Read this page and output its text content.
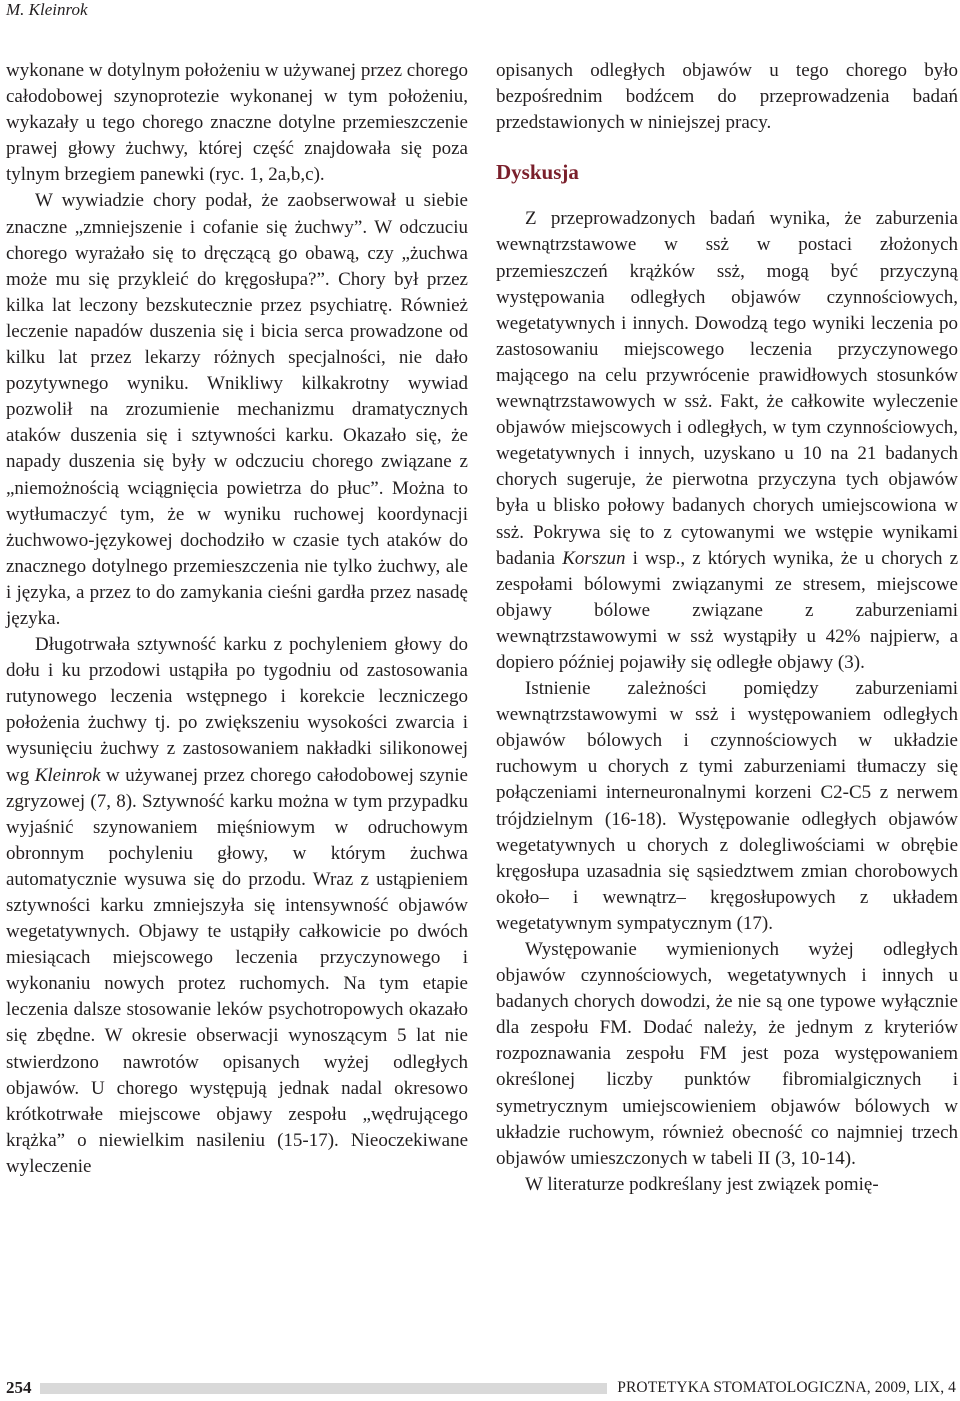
M. Kleinrok

wykonane w dotylnym położeniu w używanej przez chorego całodobowej szynoprotezie wykonanej w tym położeniu, wykazały u tego chorego znaczne dotylne przemieszczenie prawej głowy żuchwy, której część znajdowała się poza tylnym brzegiem panewki (ryc. 1, 2a,b,c).

W wywiadzie chory podał, że zaobserwował u siebie znaczne „zmniejszenie i cofanie się żuchwy”. W odczuciu chorego wyrażało się to dręczącą go obawą, czy „żuchwa może mu się przykleić do kręgosłupa?”. Chory był przez kilka lat leczony bezskutecznie przez psychiatrę. Również leczenie napadów duszenia się i bicia serca prowadzone od kilku lat przez lekarzy różnych specjalności, nie dało pozytywnego wyniku. Wnikliwy kilkakrotny wywiad pozwolił na zrozumienie mechanizmu dramatycznych ataków duszenia się i sztywności karku. Okazało się, że napady duszenia się były w odczuciu chorego związane z „niemożnością wciągnięcia powietrza do płuc”. Można to wytłumaczyć tym, że w wyniku ruchowej koordynacji żuchwowo-językowej dochodziło w czasie tych ataków do znacznego dotylnego przemieszczenia nie tylko żuchwy, ale i języka, a przez to do zamykania cieśni gardła przez nasadę języka.

Długotrwała sztywność karku z pochyleniem głowy do dołu i ku przodowi ustąpiła po tygodniu od zastosowania rutynowego leczenia wstępnego i korekcie leczniczego położenia żuchwy tj. po zwiększeniu wysokości zwarcia i wysunięciu żuchwy z zastosowaniem nakładki silikonowej wg Kleinrok w używanej przez chorego całodobowej szynie zgryzowej (7, 8). Sztywność karku można w tym przypadku wyjaśnić szynowaniem mięśniowym w odruchowym obronnym pochyleniu głowy, w którym żuchwa automatycznie wysuwa się do przodu. Wraz z ustąpieniem sztywności karku zmniejszyła się intensywność objawów wegetatywnych. Objawy te ustąpiły całkowicie po dwóch miesiącach miejscowego leczenia przyczynowego i wykonaniu nowych protez ruchomych. Na tym etapie leczenia dalsze stosowanie leków psychotropowych okazało się zbędne. W okresie obserwacji wynoszącym 5 lat nie stwierdzono nawrotów opisanych wyżej odległych objawów. U chorego występują jednak nadal okresowo krótkotrwałe miejscowe objawy zespołu „wędrującego krążka” o niewielkim nasileniu (15-17). Nieoczekiwane wyleczenie

opisanych odległych objawów u tego chorego było bezpośrednim bodźcem do przeprowadzenia badań przedstawionych w niniejszej pracy.

Dyskusja

Z przeprowadzonych badań wynika, że zaburzenia wewnątrzstawowe w ssż w postaci złożonych przemieszczeń krążków ssż, mogą być przyczyną występowania odległych objawów czynnościowych, wegetatywnych i innych. Dowodzą tego wyniki leczenia po zastosowaniu miejscowego leczenia przyczynowego mającego na celu przywrócenie prawidłowych stosunków wewnątrzstawowych w ssż. Fakt, że całkowite wyleczenie objawów miejscowych i odległych, w tym czynnościowych, wegetatywnych i innych, uzyskano u 10 na 21 badanych chorych sugeruje, że pierwotna przyczyna tych objawów była u blisko połowy badanych chorych umiejscowiona w ssż. Pokrywa się to z cytowanymi we wstępie wynikami badania Korszun i wsp., z których wynika, że u chorych z zespołami bólowymi związanymi ze stresem, miejscowe objawy bólowe związane z zaburzeniami wewnątrzstawowymi w ssż wystąpiły u 42% najpierw, a dopiero później pojawiły się odległe objawy (3).

Istnienie zależności pomiędzy zaburzeniami wewnątrzstawowymi w ssż i występowaniem odległych objawów bólowych i czynnościowych w układzie ruchowym u chorych z tymi zaburzeniami tłumaczy się połączeniami interneuronalnymi korzeni C2-C5 z nerwem trójdzielnym (16-18). Występowanie odległych objawów wegetatywnych u chorych z dolegliwościami w obrębie kręgosłupa uzasadnia się sąsiedztwem zmian chorobowych około– i wewnątrz– kręgosłupowych z układem wegetatywnym sympatycznym (17).

Występowanie wymienionych wyżej odległych objawów czynnościowych, wegetatywnych i innych u badanych chorych dowodzi, że nie są one typowe wyłącznie dla zespołu FM. Dodać należy, że jednym z kryteriów rozpoznawania zespołu FM jest poza występowaniem określonej liczby punktów fibromialgicznych i symetrycznym umiejscowieniem objawów bólowych w układzie ruchowym, również obecność co najmniej trzech objawów umieszczonych w tabeli II (3, 10-14).

W literaturze podkreślany jest związek pomię-

254	PROTETYKA STOMATOLOGICZNA, 2009, LIX, 4
